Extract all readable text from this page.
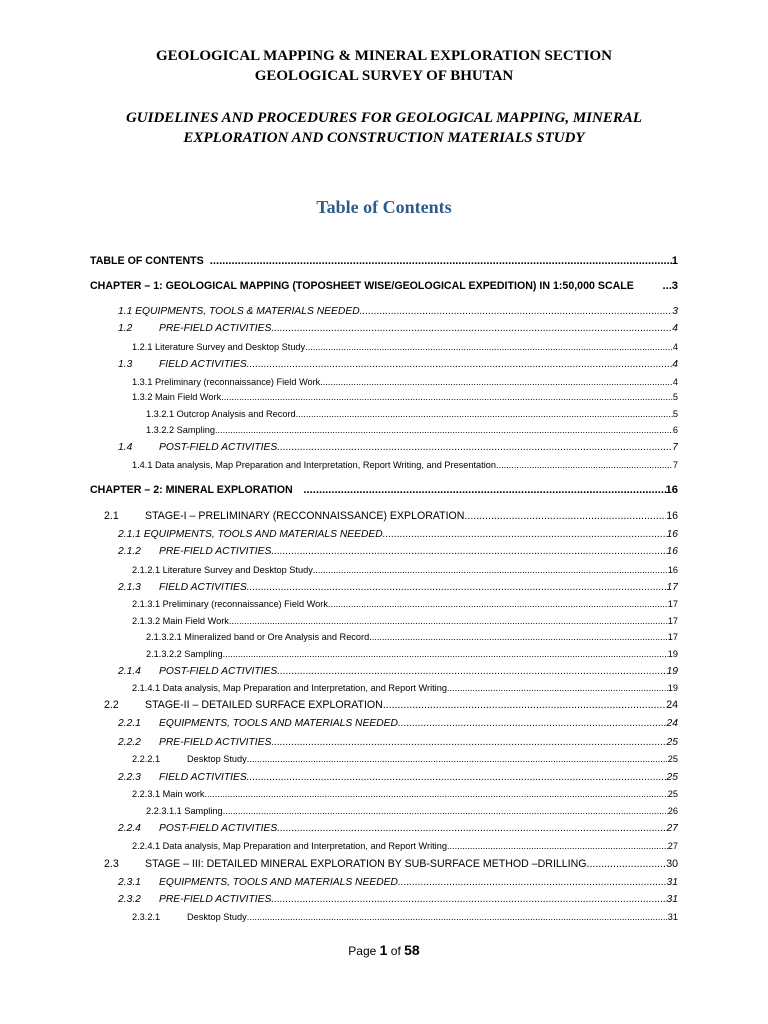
GEOLOGICAL MAPPING & MINERAL EXPLORATION SECTION
GEOLOGICAL SURVEY OF BHUTAN
GUIDELINES AND PROCEDURES FOR GEOLOGICAL MAPPING, MINERAL
EXPLORATION AND CONSTRUCTION MATERIALS STUDY
Table of Contents
TABLE OF CONTENTS .....	1
CHAPTER – 1: GEOLOGICAL MAPPING (TOPOSHEET WISE/GEOLOGICAL EXPEDITION) IN 1:50,000 SCALE .....	3
1.1 EQUIPMENTS, TOOLS & MATERIALS NEEDED .....	3
1.2	PRE-FIELD ACTIVITIES .....	4
1.2.1 Literature Survey and Desktop Study .....	4
1.3	FIELD ACTIVITIES .....	4
1.3.1 Preliminary (reconnaissance) Field Work .....	4
1.3.2 Main Field Work .....	5
1.3.2.1 Outcrop Analysis and Record .....	5
1.3.2.2 Sampling .....	6
1.4	POST-FIELD ACTIVITIES .....	7
1.4.1 Data analysis, Map Preparation and Interpretation, Report Writing, and Presentation .....	7
CHAPTER – 2: MINERAL EXPLORATION .....	16
2.1 STAGE-I – PRELIMINARY (RECCONNAISSANCE) EXPLORATION .....	16
2.1.1 EQUIPMENTS, TOOLS AND MATERIALS NEEDED .....	16
2.1.2 PRE-FIELD ACTIVITIES .....	16
2.1.2.1 Literature Survey and Desktop Study .....	16
2.1.3 FIELD ACTIVITIES .....	17
2.1.3.1 Preliminary (reconnaissance) Field Work .....	17
2.1.3.2 Main Field Work .....	17
2.1.3.2.1 Mineralized band or Ore Analysis and Record .....	17
2.1.3.2.2 Sampling .....	19
2.1.4 POST-FIELD ACTIVITIES .....	19
2.1.4.1 Data analysis, Map Preparation and Interpretation, and Report Writing .....	19
2.2 STAGE-II – DETAILED SURFACE EXPLORATION .....	24
2.2.1 EQUIPMENTS, TOOLS AND MATERIALS NEEDED .....	24
2.2.2 PRE-FIELD ACTIVITIES .....	25
2.2.2.1	Desktop Study .....	25
2.2.3 FIELD ACTIVITIES .....	25
2.2.3.1 Main work .....	25
2.2.3.1.1 Sampling .....	26
2.2.4 POST-FIELD ACTIVITIES .....	27
2.2.4.1 Data analysis, Map Preparation and Interpretation, and Report Writing .....	27
2.3 STAGE – III: DETAILED MINERAL EXPLORATION BY SUB-SURFACE METHOD –DRILLING .....	30
2.3.1 EQUIPMENTS, TOOLS AND MATERIALS NEEDED .....	31
2.3.2 PRE-FIELD ACTIVITIES .....	31
2.3.2.1	Desktop Study .....	31
Page 1 of 58
